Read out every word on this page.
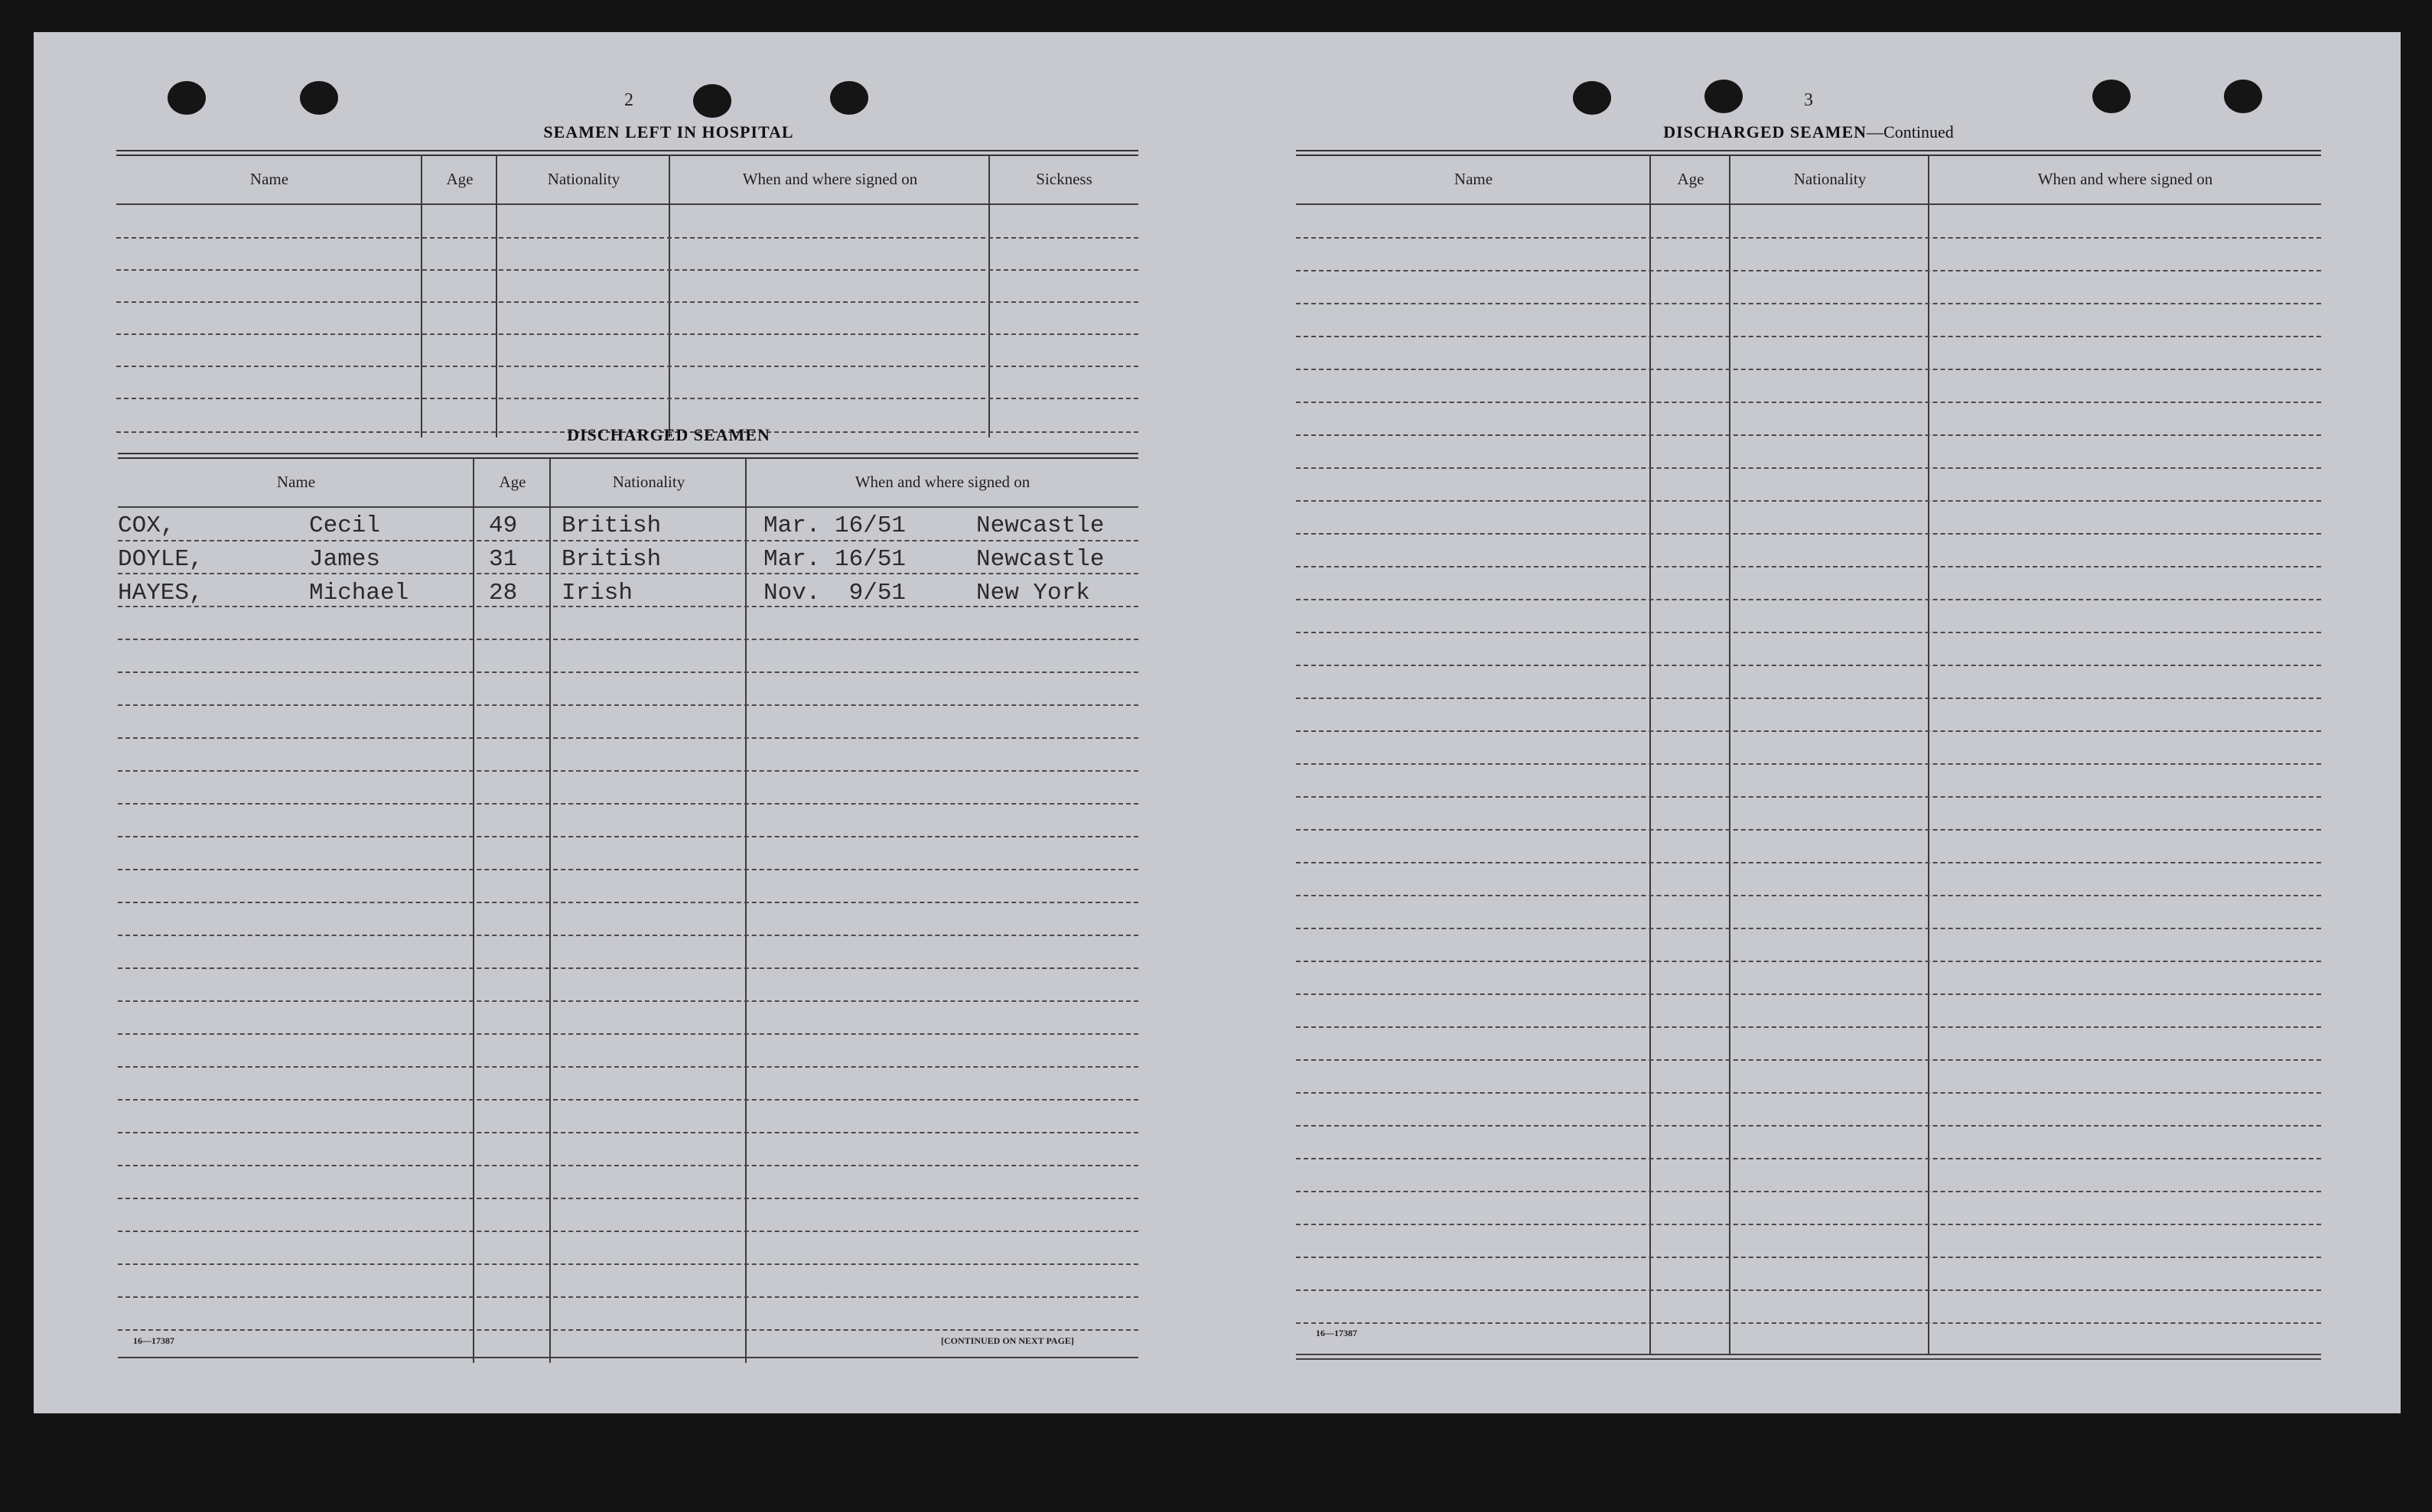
2
SEAMEN LEFT IN HOSPITAL
Name	Age	Nationality	When and where signed on	Sickness
DISCHARGED SEAMEN
Name	Age	Nationality	When and where signed on
COX,	Cecil	49 British	Mar. 16/51	Newcastle
DOYLE,	James	31 British	Mar. 16/51	Newcastle
HAYES,	Michael	28 Irish	Nov.  9/51	New York
16—17387	[CONTINUED ON NEXT PAGE]
3
DISCHARGED SEAMEN—Continued
Name	Age	Nationality	When and where signed on
16—17387
